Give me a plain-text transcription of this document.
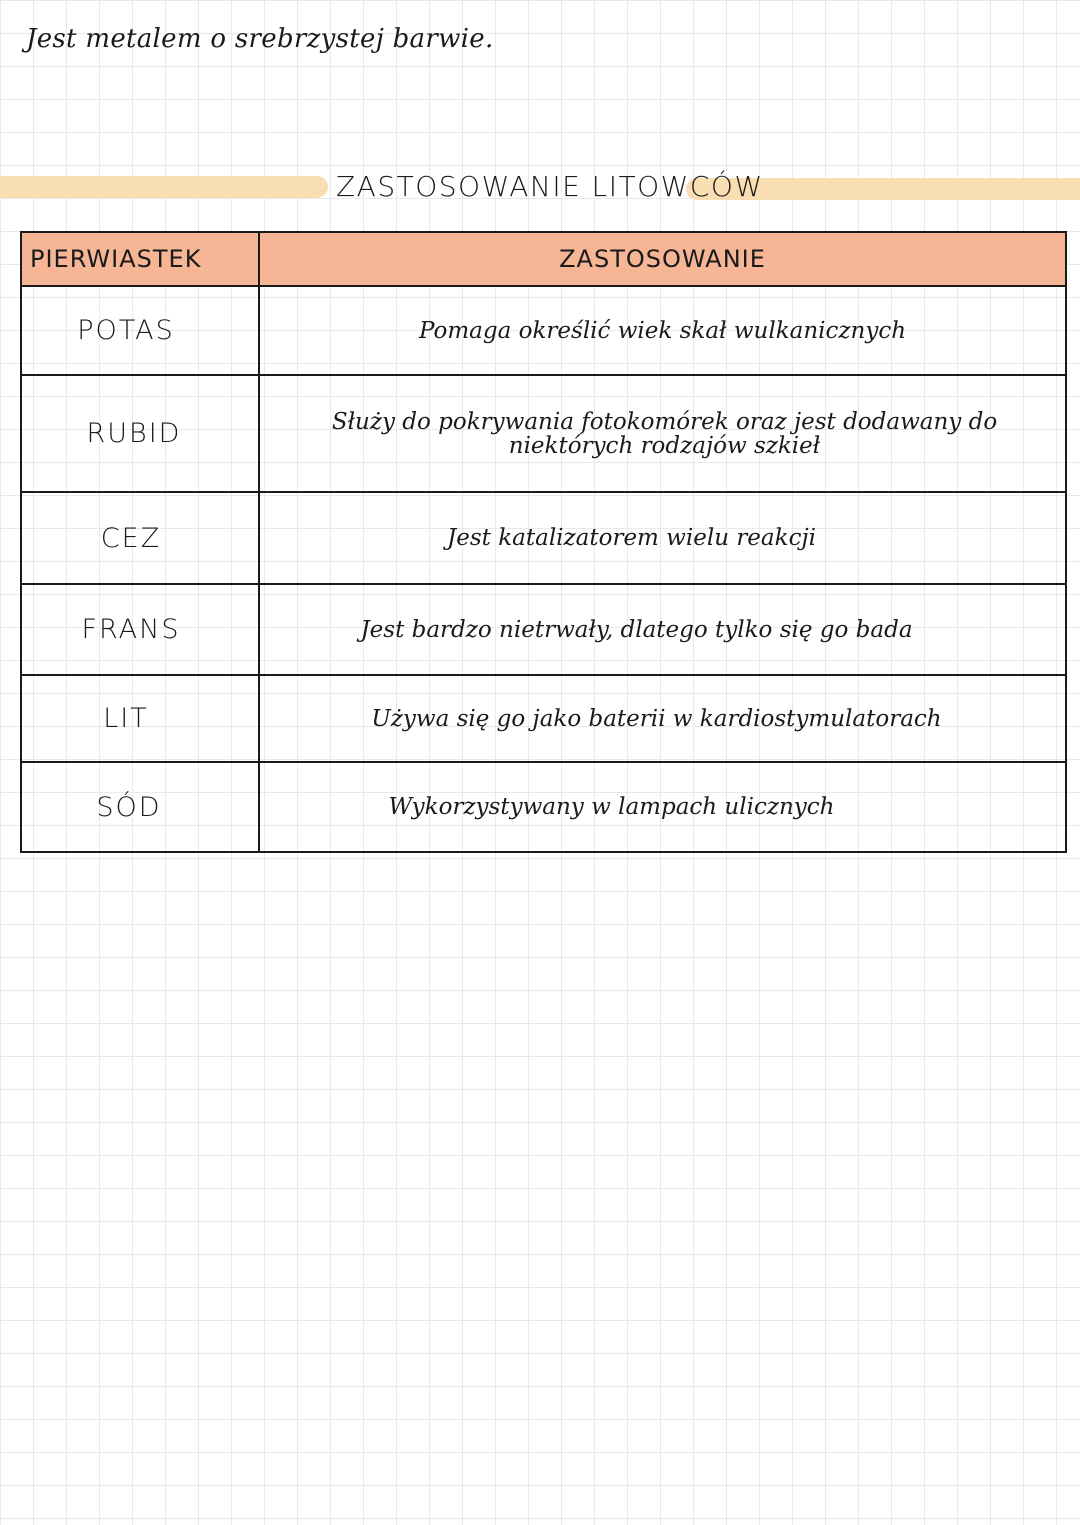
Jest metalem o srebrzystej barwie.
ZASTOSOWANIE LITOWCÓW
PIERWIASTEK	ZASTOSOWANIE
POTAS	Pomaga określić wiek skał wulkanicznych
RUBID	Służy do pokrywania fotokomórek oraz jest dodawany do niektórych rodzajów szkieł
CEZ	Jest katalizatorem wielu reakcji
FRANS	Jest bardzo nietrwały, dlatego tylko się go bada
LIT	Używa się go jako baterii w kardiostymulatorach
SÓD	Wykorzystywany w lampach ulicznych
